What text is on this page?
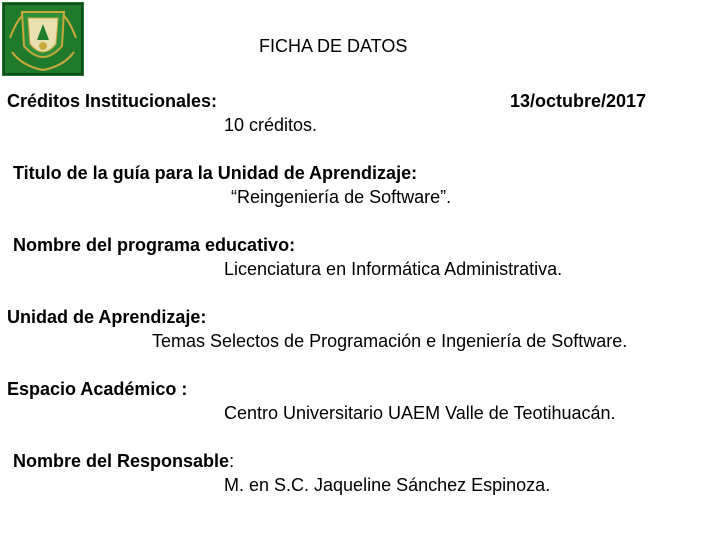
FICHA DE DATOS
13/octubre/2017
Créditos Institucionales:
10 créditos.
Titulo de la guía para la Unidad de Aprendizaje:
“Reingeniería de Software”.
Nombre del programa educativo:
Licenciatura en Informática Administrativa.
Unidad de Aprendizaje:
Temas Selectos de Programación e Ingeniería de Software.
Espacio Académico :
Centro Universitario UAEM Valle de Teotihuacán.
Nombre del Responsable:
M. en S.C. Jaqueline Sánchez Espinoza.
